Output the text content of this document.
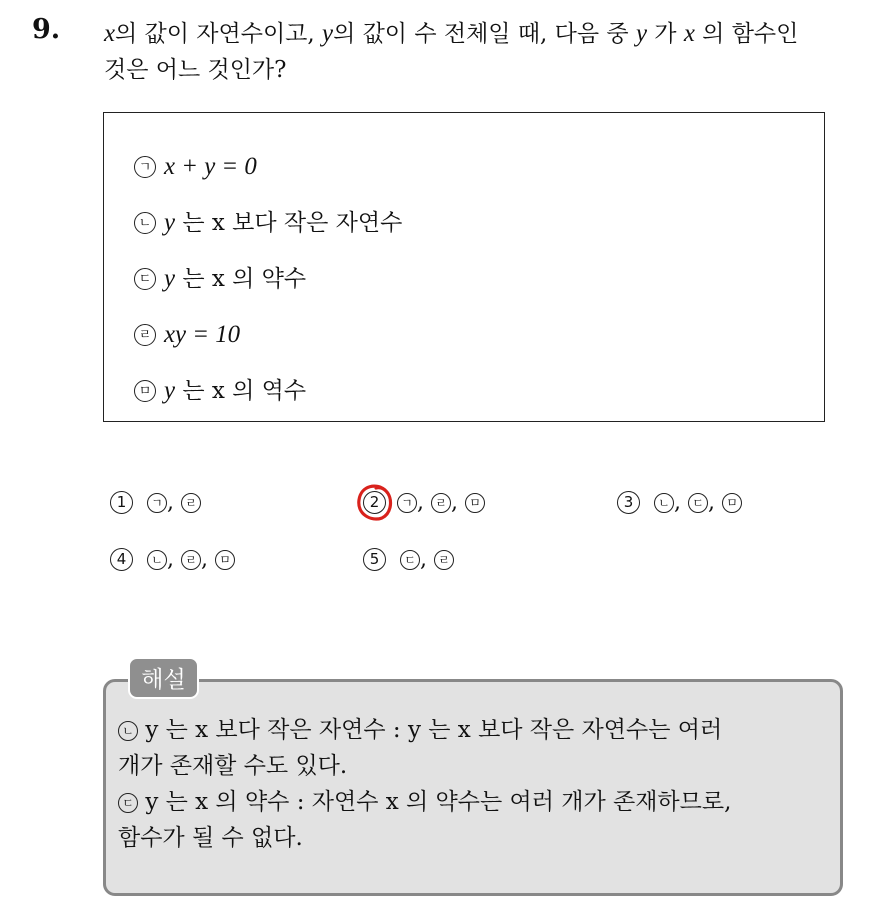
9. x의 값이 자연수이고, y의 값이 수 전체일 때, 다음 중 y 가 x 의 함수인
것은 어느 것인가?
ㄱ x + y = 0
ㄴ y 는 x 보다 작은 자연수
ㄷ y 는 x 의 약수
ㄹ xy = 10
ㅁ y 는 x 의 역수
1 ㄱ , ㄹ	2 ㄱ , ㄹ , ㅁ	3 ㄴ , ㄷ , ㅁ
4 ㄴ , ㄹ , ㅁ	5 ㄷ , ㄹ
해설
ㄴ y 는 x 보다 작은 자연수 : y 는 x 보다 작은 자연수는 여러
개가 존재할 수도 있다.
ㄷ y 는 x 의 약수 : 자연수 x 의 약수는 여러 개가 존재하므로,
함수가 될 수 없다.
